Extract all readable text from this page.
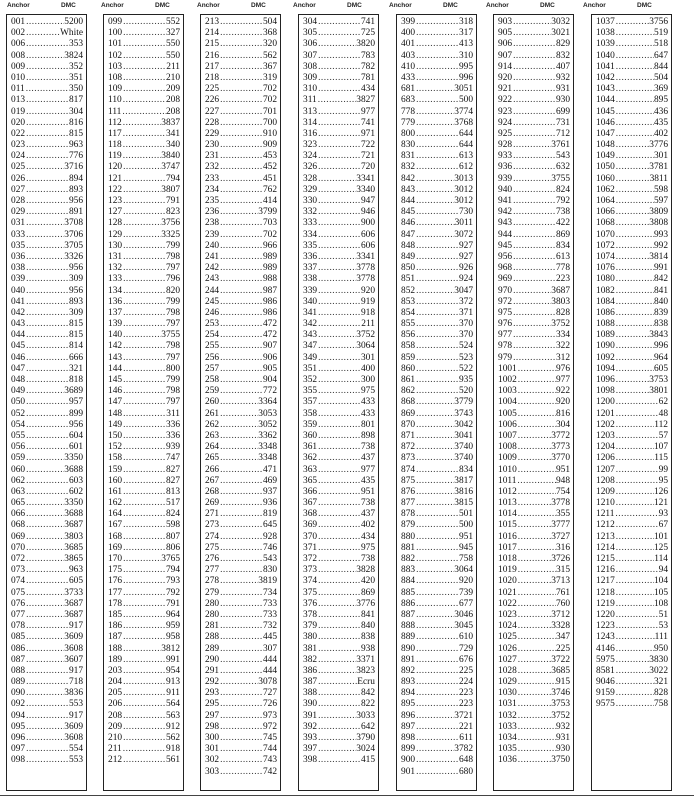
Anchor	DMC
001 .....	5200
002 .....	White
006 .....	353
008 .....	3824
009 .....	352
010 .....	351
011 .....	350
013 .....	817
019 .....	304
020 .....	816
022 .....	815
023 .....	963
024 .....	776
025 .....	3716
026 .....	894
027 .....	893
028 .....	956
029 .....	891
031 .....	3708
033 .....	3706
035 .....	3705
036 .....	3326
038 .....	956
039 .....	309
040 .....	956
041 .....	893
042 .....	309
043 .....	815
044 .....	815
045 .....	814
046 .....	666
047 .....	321
048 .....	818
049 .....	3689
050 .....	957
052 .....	899
054 .....	956
055 .....	604
056 .....	601
059 .....	3350
060 .....	3688
062 .....	603
063 .....	602
065 .....	3350
066 .....	3688
068 .....	3687
069 .....	3803
070 .....	3685
072 .....	3865
073 .....	963
074 .....	605
075 .....	3733
076 .....	3687
077 .....	3687
078 .....	917
085 .....	3609
086 .....	3608
087 .....	3607
088 .....	917
089 .....	718
090 .....	3836
092 .....	553
094 .....	917
095 .....	3609
096 .....	3608
097 .....	554
098 .....	553
Anchor	DMC
099 .....	552
100 .....	327
101 .....	550
102 .....	550
103 .....	211
108 .....	210
109 .....	209
110 .....	208
111 .....	208
112 .....	3837
117 .....	341
118 .....	340
119 .....	3840
120 .....	3747
121 .....	794
122 .....	3807
123 .....	791
127 .....	823
128 .....	3756
129 .....	3325
130 .....	799
131 .....	798
132 .....	797
133 .....	796
134 .....	820
136 .....	799
137 .....	798
139 .....	797
140 .....	3755
142 .....	798
143 .....	797
144 .....	800
145 .....	799
146 .....	798
147 .....	797
148 .....	311
149 .....	336
150 .....	336
152 .....	939
158 .....	747
159 .....	827
160 .....	827
161 .....	813
162 .....	517
164 .....	824
167 .....	598
168 .....	807
169 .....	806
170 .....	3765
175 .....	794
176 .....	793
177 .....	792
178 .....	791
185 .....	964
186 .....	959
187 .....	958
188 .....	3812
189 .....	991
203 .....	954
204 .....	913
205 .....	911
206 .....	564
208 .....	563
209 .....	912
210 .....	562
211 .....	918
212 .....	561
Anchor	DMC
213 .....	504
214 .....	368
215 .....	320
216 .....	562
217 .....	367
218 .....	319
225 .....	702
226 .....	702
227 .....	701
228 .....	700
229 .....	910
230 .....	909
231 .....	453
232 .....	452
233 .....	451
234 .....	762
235 .....	414
236 .....	3799
238 .....	703
239 .....	702
240 .....	966
241 .....	989
242 .....	989
243 .....	988
244 .....	987
245 .....	986
246 .....	986
253 .....	472
254 .....	472
255 .....	907
256 .....	906
257 .....	905
258 .....	904
259 .....	772
260 .....	3364
261 .....	3053
262 .....	3052
263 .....	3362
264 .....	3348
265 .....	3348
266 .....	471
267 .....	469
268 .....	937
269 .....	936
271 .....	819
273 .....	645
274 .....	928
275 .....	746
276 .....	543
277 .....	830
278 .....	3819
279 .....	734
280 .....	733
280 .....	733
281 .....	732
288 .....	445
289 .....	307
290 .....	444
291 .....	444
292 .....	3078
293 .....	727
295 .....	726
297 .....	973
298 .....	972
300 .....	745
301 .....	744
302 .....	743
303 .....	742
Anchor	DMC
304 .....	741
305 .....	725
306 .....	3820
307 .....	783
308 .....	782
309 .....	781
310 .....	434
311 .....	3827
313 .....	977
314 .....	741
316 .....	971
323 .....	722
324 .....	721
326 .....	720
328 .....	3341
329 .....	3340
330 .....	947
332 .....	946
333 .....	900
334 .....	606
335 .....	606
336 .....	3341
337 .....	3778
338 .....	3778
339 .....	920
340 .....	919
341 .....	918
342 .....	211
343 .....	3752
347 .....	3064
349 .....	301
351 .....	400
352 .....	300
355 .....	975
357 .....	433
358 .....	433
359 .....	801
360 .....	898
361 .....	738
362 .....	437
363 .....	977
365 .....	435
366 .....	951
367 .....	738
368 .....	437
369 .....	402
370 .....	434
371 .....	975
372 .....	738
373 .....	3828
374 .....	420
375 .....	869
376 .....	3776
378 .....	841
379 .....	840
380 .....	838
381 .....	938
382 .....	3371
386 .....	3823
387 .....	Ecru
388 .....	842
390 .....	822
391 .....	3033
392 .....	642
393 .....	3790
397 .....	3024
398 .....	415
Anchor	DMC
399 .....	318
400 .....	317
401 .....	413
403 .....	310
410 .....	995
433 .....	996
681 .....	3051
683 .....	500
778 .....	3774
779 .....	3768
800 .....	644
830 .....	644
831 .....	613
832 .....	612
842 .....	3013
843 .....	3012
844 .....	3012
845 .....	730
846 .....	3011
847 .....	3072
848 .....	927
849 .....	927
850 .....	926
851 .....	924
852 .....	3047
853 .....	372
854 .....	371
855 .....	370
856 .....	370
858 .....	524
859 .....	523
860 .....	522
861 .....	935
862 .....	520
868 .....	3779
869 .....	3743
870 .....	3042
871 .....	3041
872 .....	3740
873 .....	3740
874 .....	834
875 .....	3817
876 .....	3816
877 .....	3815
878 .....	501
879 .....	500
880 .....	951
881 .....	945
882 .....	758
883 .....	3064
884 .....	920
885 .....	739
886 .....	677
887 .....	3046
888 .....	3045
889 .....	610
890 .....	729
891 .....	676
892 .....	225
893 .....	224
894 .....	223
895 .....	223
896 .....	3721
897 .....	221
898 .....	611
899 .....	3782
900 .....	648
901 .....	680
Anchor	DMC
903 .....	3032
905 .....	3021
906 .....	829
907 .....	832
914 .....	407
920 .....	932
921 .....	931
922 .....	930
923 .....	699
924 .....	731
925 .....	712
928 .....	3761
933 .....	543
936 .....	632
939 .....	3755
940 .....	824
941 .....	792
942 .....	738
943 .....	422
944 .....	869
945 .....	834
956 .....	613
968 .....	778
969 .....	223
970 .....	3687
972 .....	3803
975 .....	828
976 .....	3752
977 .....	334
978 .....	322
979 .....	312
1001 .....	976
1002 .....	977
1003 .....	922
1004 .....	920
1005 .....	816
1006 .....	304
1007 .....	3772
1008 .....	3773
1009 .....	3770
1010 .....	951
1011 .....	948
1012 .....	754
1013 .....	3778
1014 .....	355
1015 .....	3777
1016 .....	3727
1017 .....	316
1018 .....	3726
1019 .....	315
1020 .....	3713
1021 .....	761
1022 .....	760
1023 .....	3712
1024 .....	3328
1025 .....	347
1026 .....	225
1027 .....	3722
1028 .....	3685
1029 .....	915
1030 .....	3746
1031 .....	3753
1032 .....	3752
1033 .....	932
1034 .....	931
1035 .....	930
1036 .....	3750
Anchor	DMC
1037 .....	3756
1038 .....	519
1039 .....	518
1040 .....	647
1041 .....	844
1042 .....	504
1043 .....	369
1044 .....	895
1045 .....	436
1046 .....	435
1047 .....	402
1048 .....	3776
1049 .....	301
1050 .....	3781
1060 .....	3811
1062 .....	598
1064 .....	597
1066 .....	3809
1068 .....	3808
1070 .....	993
1072 .....	992
1074 .....	3814
1076 .....	991
1080 .....	842
1082 .....	841
1084 .....	840
1086 .....	839
1088 .....	838
1089 .....	3843
1090 .....	996
1092 .....	964
1094 .....	605
1096 .....	3753
1098 .....	3801
1200 .....	62
1201 .....	48
1202 .....	112
1203 .....	57
1204 .....	107
1206 .....	115
1207 .....	99
1208 .....	95
1209 .....	126
1210 .....	121
1211 .....	93
1212 .....	67
1213 .....	101
1214 .....	125
1215 .....	114
1216 .....	94
1217 .....	104
1218 .....	105
1219 .....	108
1220 .....	51
1223 .....	53
1243 .....	111
4146 .....	950
5975 .....	3830
8581 .....	3022
9046 .....	321
9159 .....	828
9575 .....	758
